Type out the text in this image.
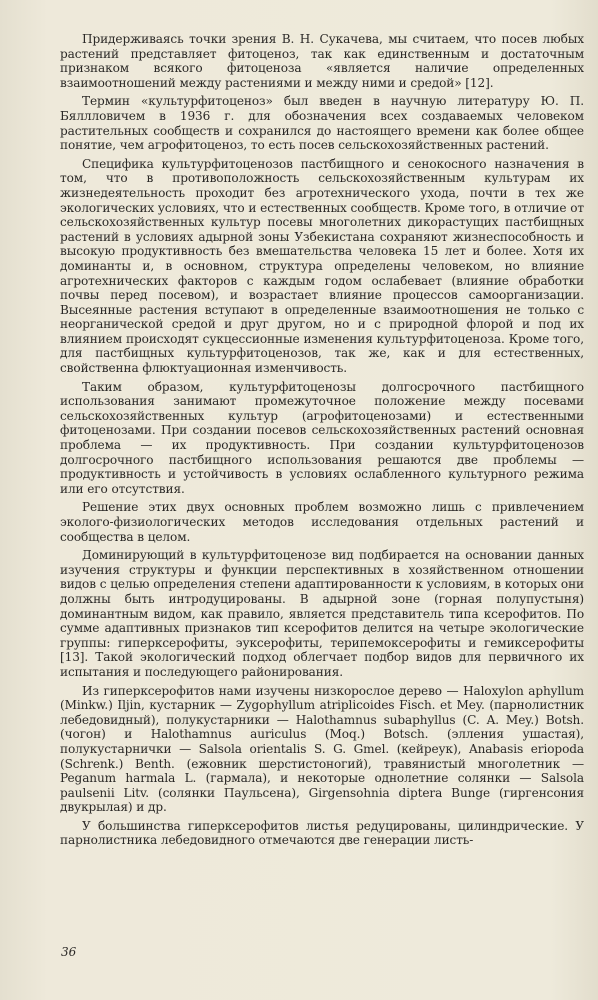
Придерживаясь точки зрения В. Н. Сукачева, мы считаем, что посев любых растений представляет фитоценоз, так как единственным и достаточным признаком всякого фитоценоза «является наличие определенных взаимоотношений между растениями и между ними и средой» [12].

Термин «культурфитоценоз» был введен в научную литературу Ю. П. Бяллловичем в 1936 г. для обозначения всех создаваемых человеком растительных сообществ и сохранился до настоящего времени как более общее понятие, чем агрофитоценоз, то есть посев сельскохозяйственных растений.

Специфика культурфитоценозов пастбищного и сенокосного назначения в том, что в противоположность сельскохозяйственным культурам их жизнедеятельность проходит без агротехнического ухода, почти в тех же экологических условиях, что и естественных сообществ. Кроме того, в отличие от сельскохозяйственных культур посевы многолетних дикорастущих пастбищных растений в условиях адырной зоны Узбекистана сохраняют жизнеспособность и высокую продуктивность без вмешательства человека 15 лет и более. Хотя их доминанты и, в основном, структура определены человеком, но влияние агротехнических факторов с каждым годом ослабевает (влияние обработки почвы перед посевом), и возрастает влияние процессов самоорганизации. Высеянные растения вступают в определенные взаимоотношения не только с неорганической средой и друг другом, но и с природной флорой и под их влиянием происходят сукцессионные изменения культурфитоценоза. Кроме того, для пастбищных культурфитоценозов, так же, как и для естественных, свойственна флюктуационная изменчивость.

Таким образом, культурфитоценозы долгосрочного пастбищного использования занимают промежуточное положение между посевами сельскохозяйственных культур (агрофитоценозами) и естественными фитоценозами. При создании посевов сельскохозяйственных растений основная проблема — их продуктивность. При создании культурфитоценозов долгосрочного пастбищного использования решаются две проблемы — продуктивность и устойчивость в условиях ослабленного культурного режима или его отсутствия.

Решение этих двух основных проблем возможно лишь с привлечением эколого-физиологических методов исследования отдельных растений и сообщества в целом.

Доминирующий в культурфитоценозе вид подбирается на основании данных изучения структуры и функции перспективных в хозяйственном отношении видов с целью определения степени адаптированности к условиям, в которых они должны быть интродуцированы. В адырной зоне (горная полупустыня) доминантным видом, как правило, является представитель типа ксерофитов. По сумме адаптивных признаков тип ксерофитов делится на четыре экологические группы: гиперксерофиты, эуксерофиты, терипемоксерофиты и гемиксерофиты [13]. Такой экологический подход облегчает подбор видов для первичного их испытания и последующего районирования.

Из гиперксерофитов нами изучены низкорослое дерево — Haloxylon aphyllum (Minkw.) Iljin, кустарник — Zygophyllum atriplicoides Fisch. et Mey. (парнолистник лебедовидный), полукустарники — Halothamnus subaphyllus (C. A. Mey.) Botsh. (чогон) и Halothamnus auriculus (Moq.) Botsch. (элления ушастая), полукустарнички — Salsola orientalis S. G. Gmel. (кейреук), Anabasis eriopoda (Schrenk.) Benth. (ежовник шерстистоногий), травянистый многолетник — Peganum harmala L. (гармала), и некоторые однолетние солянки — Salsola paulsenii Litv. (солянки Паульсена), Girgensohnia diptera Bunge (гиргенсония двукрылая) и др.

У большинства гиперксерофитов листья редуцированы, цилиндрические. У парнолистника лебедовидного отмечаются две генерации листь-

36
